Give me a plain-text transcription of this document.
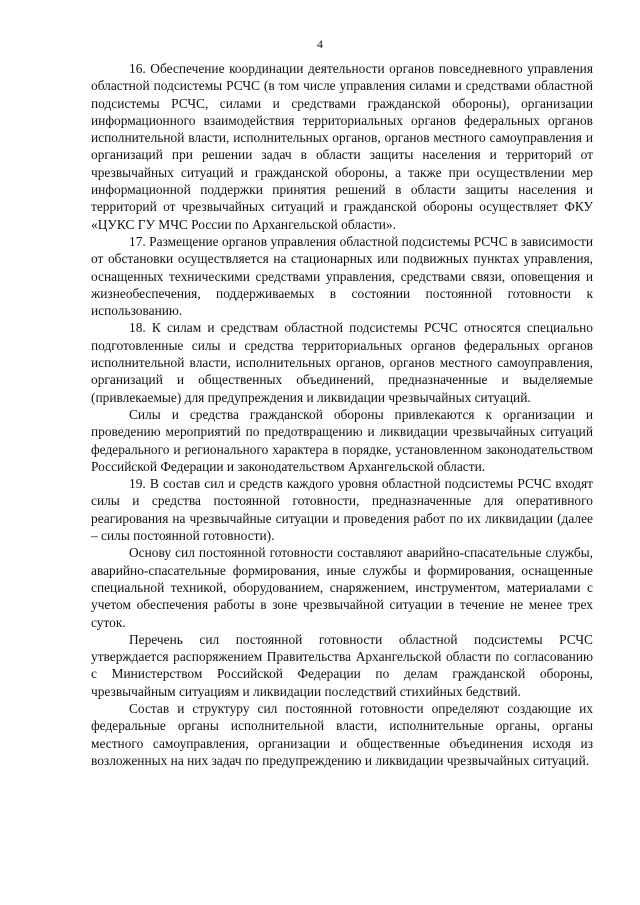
4

16. Обеспечение координации деятельности органов повседневного управления областной подсистемы РСЧС (в том числе управления силами и средствами областной подсистемы РСЧС, силами и средствами гражданской обороны), организации информационного взаимодействия территориальных органов федеральных органов исполнительной власти, исполнительных органов, органов местного самоуправления и организаций при решении задач в области защиты населения и территорий от чрезвычайных ситуаций и гражданской обороны, а также при осуществлении мер информационной поддержки принятия решений в области защиты населения и территорий от чрезвычайных ситуаций и гражданской обороны осуществляет ФКУ «ЦУКС ГУ МЧС России по Архангельской области».

17. Размещение органов управления областной подсистемы РСЧС в зависимости от обстановки осуществляется на стационарных или подвижных пунктах управления, оснащенных техническими средствами управления, средствами связи, оповещения и жизнеобеспечения, поддерживаемых в состоянии постоянной готовности к использованию.

18. К силам и средствам областной подсистемы РСЧС относятся специально подготовленные силы и средства территориальных органов федеральных органов исполнительной власти, исполнительных органов, органов местного самоуправления, организаций и общественных объединений, предназначенные и выделяемые (привлекаемые) для предупреждения и ликвидации чрезвычайных ситуаций.

Силы и средства гражданской обороны привлекаются к организации и проведению мероприятий по предотвращению и ликвидации чрезвычайных ситуаций федерального и регионального характера в порядке, установленном законодательством Российской Федерации и законодательством Архангельской области.

19. В состав сил и средств каждого уровня областной подсистемы РСЧС входят силы и средства постоянной готовности, предназначенные для оперативного реагирования на чрезвычайные ситуации и проведения работ по их ликвидации (далее – силы постоянной готовности).

Основу сил постоянной готовности составляют аварийно-спасательные службы, аварийно-спасательные формирования, иные службы и формирования, оснащенные специальной техникой, оборудованием, снаряжением, инструментом, материалами с учетом обеспечения работы в зоне чрезвычайной ситуации в течение не менее трех суток.

Перечень сил постоянной готовности областной подсистемы РСЧС утверждается распоряжением Правительства Архангельской области по согласованию с Министерством Российской Федерации по делам гражданской обороны, чрезвычайным ситуациям и ликвидации последствий стихийных бедствий.

Состав и структуру сил постоянной готовности определяют создающие их федеральные органы исполнительной власти, исполнительные органы, органы местного самоуправления, организации и общественные объединения исходя из возложенных на них задач по предупреждению и ликвидации чрезвычайных ситуаций.
